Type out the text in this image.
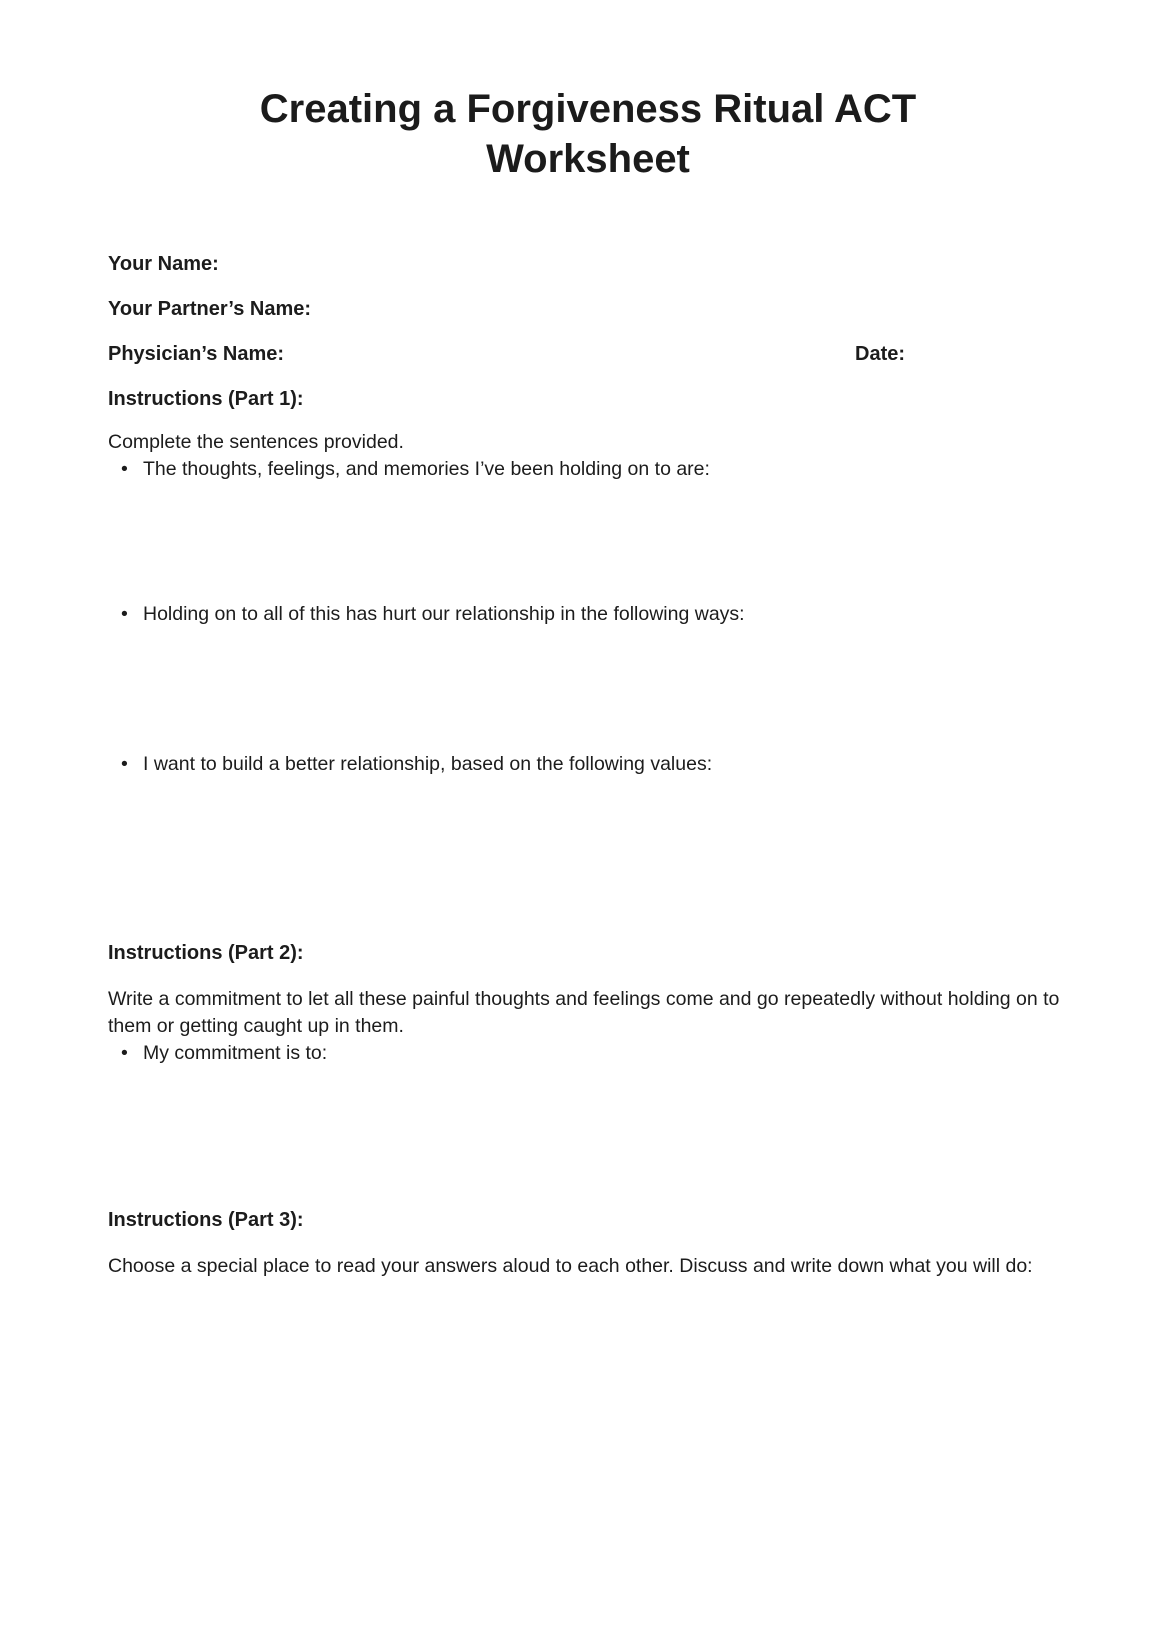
Creating a Forgiveness Ritual ACT Worksheet
Your Name:
Your Partner’s Name:
Physician’s Name:	Date:
Instructions (Part 1):

Complete the sentences provided.

• The thoughts, feelings, and memories I’ve been holding on to are:
• Holding on to all of this has hurt our relationship in the following ways:
• I want to build a better relationship, based on the following values:
Instructions (Part 2):

Write a commitment to let all these painful thoughts and feelings come and go repeatedly without holding on to them or getting caught up in them.

• My commitment is to:
Instructions (Part 3):

Choose a special place to read your answers aloud to each other. Discuss and write down what you will do:
